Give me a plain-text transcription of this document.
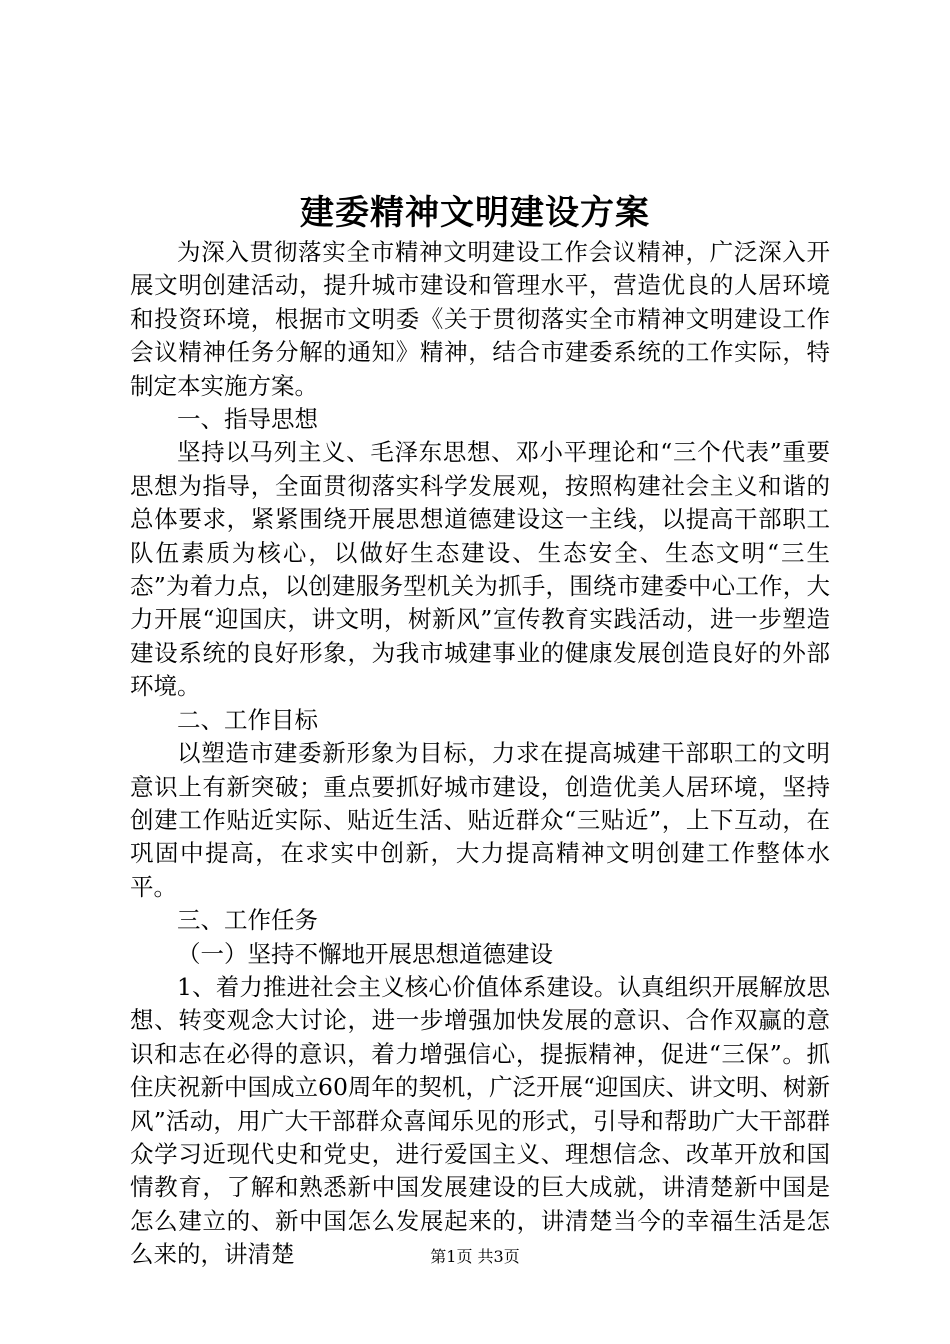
建委精神文明建设方案

为深入贯彻落实全市精神文明建设工作会议精神，广泛深入开展文明创建活动，提升城市建设和管理水平，营造优良的人居环境和投资环境，根据市文明委《关于贯彻落实全市精神文明建设工作会议精神任务分解的通知》精神，结合市建委系统的工作实际，特制定本实施方案。

一、指导思想

坚持以马列主义、毛泽东思想、邓小平理论和“三个代表”重要思想为指导，全面贯彻落实科学发展观，按照构建社会主义和谐的总体要求，紧紧围绕开展思想道德建设这一主线，以提高干部职工队伍素质为核心，以做好生态建设、生态安全、生态文明“三生态”为着力点，以创建服务型机关为抓手，围绕市建委中心工作，大力开展“迎国庆，讲文明，树新风”宣传教育实践活动，进一步塑造建设系统的良好形象，为我市城建事业的健康发展创造良好的外部环境。

二、工作目标

以塑造市建委新形象为目标，力求在提高城建干部职工的文明意识上有新突破；重点要抓好城市建设，创造优美人居环境，坚持创建工作贴近实际、贴近生活、贴近群众“三贴近”，上下互动，在巩固中提高，在求实中创新，大力提高精神文明创建工作整体水平。

三、工作任务

（一）坚持不懈地开展思想道德建设

1、着力推进社会主义核心价值体系建设。认真组织开展解放思想、转变观念大讨论，进一步增强加快发展的意识、合作双赢的意识和志在必得的意识，着力增强信心，提振精神，促进“三保”。抓住庆祝新中国成立60周年的契机，广泛开展“迎国庆、讲文明、树新风”活动，用广大干部群众喜闻乐见的形式，引导和帮助广大干部群众学习近现代史和党史，进行爱国主义、理想信念、改革开放和国情教育，了解和熟悉新中国发展建设的巨大成就，讲清楚新中国是怎么建立的、新中国怎么发展起来的，讲清楚当今的幸福生活是怎么来的，讲清楚	第1页 共3页
